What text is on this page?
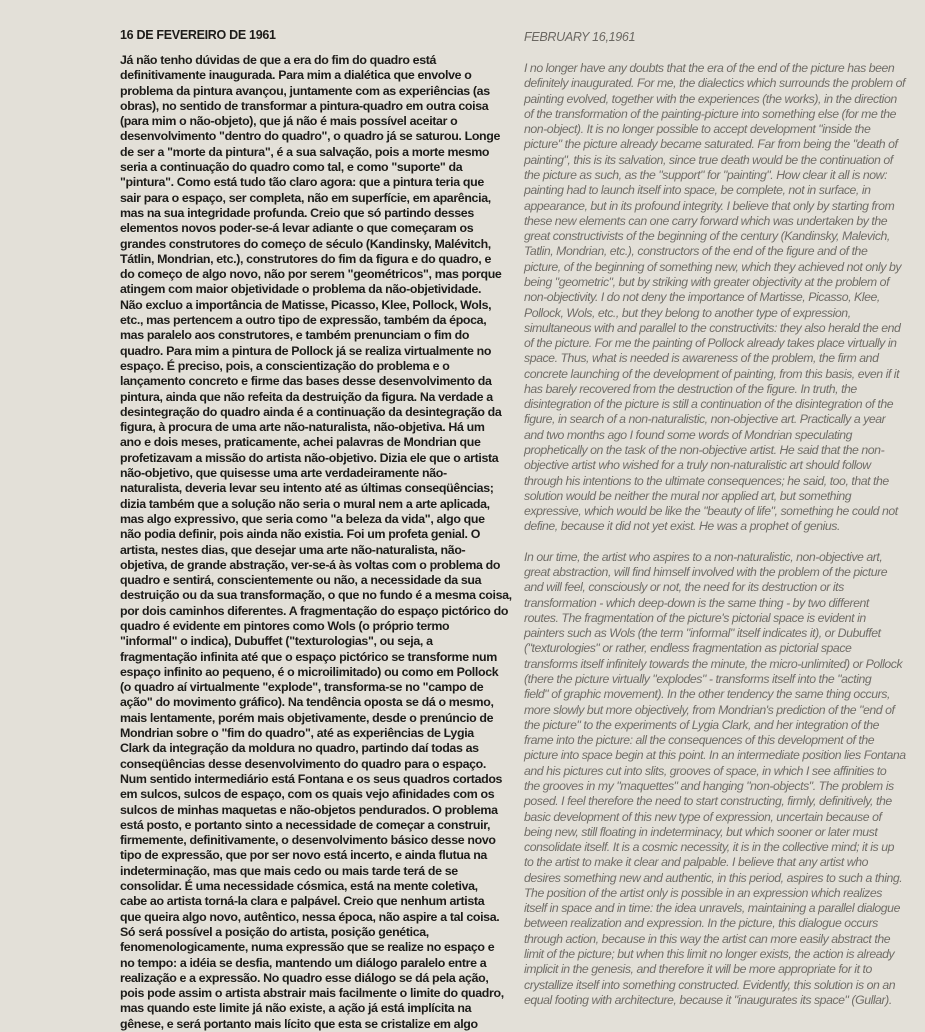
16 DE FEVEREIRO DE 1961
Já não tenho dúvidas de que a era do fim do quadro está
definitivamente inaugurada. Para mim a dialética que envolve o
problema da pintura avançou, juntamente com as experiências (as
obras), no sentido de transformar a pintura-quadro em outra coisa
(para mim o não-objeto), que já não é mais possível aceitar o
desenvolvimento "dentro do quadro", o quadro já se saturou. Longe
de ser a "morte da pintura", é a sua salvação, pois a morte mesmo
seria a continuação do quadro como tal, e como "suporte" da
"pintura". Como está tudo tão claro agora: que a pintura teria que
sair para o espaço, ser completa, não em superfície, em aparência,
mas na sua integridade profunda. Creio que só partindo desses
elementos novos poder-se-á levar adiante o que começaram os
grandes construtores do começo de século (Kandinsky, Malévitch,
Tátlin, Mondrian, etc.), construtores do fim da figura e do quadro, e
do começo de algo novo, não por serem "geométricos", mas porque
atingem com maior objetividade o problema da não-objetividade.
Não excluo a importância de Matisse, Picasso, Klee, Pollock, Wols,
etc., mas pertencem a outro tipo de expressão, também da época,
mas paralelo aos construtores, e também prenunciam o fim do
quadro. Para mim a pintura de Pollock já se realiza virtualmente no
espaço. É preciso, pois, a conscientização do problema e o
lançamento concreto e firme das bases desse desenvolvimento da
pintura, ainda que não refeita da destruição da figura. Na verdade a
desintegração do quadro ainda é a continuação da desintegração da
figura, à procura de uma arte não-naturalista, não-objetiva. Há um
ano e dois meses, praticamente, achei palavras de Mondrian que
profetizavam a missão do artista não-objetivo. Dizia ele que o artista
não-objetivo, que quisesse uma arte verdadeiramente não-
naturalista, deveria levar seu intento até as últimas conseqüências;
dizia também que a solução não seria o mural nem a arte aplicada,
mas algo expressivo, que seria como "a beleza da vida", algo que
não podia definir, pois ainda não existia. Foi um profeta genial. O
artista, nestes dias, que desejar uma arte não-naturalista, não-
objetiva, de grande abstração, ver-se-á às voltas com o problema do
quadro e sentirá, conscientemente ou não, a necessidade da sua
destruição ou da sua transformação, o que no fundo é a mesma coisa,
por dois caminhos diferentes. A fragmentação do espaço pictórico do
quadro é evidente em pintores como Wols (o próprio termo
"informal" o indica), Dubuffet ("texturologias", ou seja, a
fragmentação infinita até que o espaço pictórico se transforme num
espaço infinito ao pequeno, é o microilimitado) ou como em Pollock
(o quadro aí virtualmente "explode", transforma-se no "campo de
ação" do movimento gráfico). Na tendência oposta se dá o mesmo,
mais lentamente, porém mais objetivamente, desde o prenúncio de
Mondrian sobre o "fim do quadro", até as experiências de Lygia
Clark da integração da moldura no quadro, partindo daí todas as
conseqüências desse desenvolvimento do quadro para o espaço.
Num sentido intermediário está Fontana e os seus quadros cortados
em sulcos, sulcos de espaço, com os quais vejo afinidades com os
sulcos de minhas maquetas e não-objetos pendurados. O problema
está posto, e portanto sinto a necessidade de começar a construir,
firmemente, definitivamente, o desenvolvimento básico desse novo
tipo de expressão, que por ser novo está incerto, e ainda flutua na
indeterminação, mas que mais cedo ou mais tarde terá de se
consolidar. É uma necessidade cósmica, está na mente coletiva,
cabe ao artista torná-la clara e palpável. Creio que nenhum artista
que queira algo novo, autêntico, nessa época, não aspire a tal coisa.
Só será possível a posição do artista, posição genética,
fenomenologicamente, numa expressão que se realize no espaço e
no tempo: a idéia se desfia, mantendo um diálogo paralelo entre a
realização e a expressão. No quadro esse diálogo se dá pela ação,
pois pode assim o artista abstrair mais facilmente o limite do quadro,
mas quando este limite já não existe, a ação já está implícita na
gênese, e será portanto mais lícito que esta se cristalize em algo
FEBRUARY 16,1961

I no longer have any doubts that the era of the end of the picture has been
definitely inaugurated. For me, the dialectics which surrounds the problem of
painting evolved, together with the experiences (the works), in the direction
of the transformation of the painting-picture into something else (for me the
non-object). It is no longer possible to accept development "inside the
picture" the picture already became saturated. Far from being the "death of
painting", this is its salvation, since true death would be the continuation of
the picture as such, as the "support" for "painting". How clear it all is now:
painting had to launch itself into space, be complete, not in surface, in
appearance, but in its profound integrity. I believe that only by starting from
these new elements can one carry forward which was undertaken by the
great constructivists of the beginning of the century (Kandinsky, Malevich,
Tatlin, Mondrian, etc.), constructors of the end of the figure and of the
picture, of the beginning of something new, which they achieved not only by
being "geometric", but by striking with greater objectivity at the problem of
non-objectivity. I do not deny the importance of Martisse, Picasso, Klee,
Pollock, Wols, etc., but they belong to another type of expression,
simultaneous with and parallel to the constructivits: they also herald the end
of the picture. For me the painting of Pollock already takes place virtually in
space. Thus, what is needed is awareness of the problem, the firm and
concrete launching of the development of painting, from this basis, even if it
has barely recovered from the destruction of the figure. In truth, the
disintegration of the picture is still a continuation of the disintegration of the
figure, in search of a non-naturalistic, non-objective art. Practically a year
and two months ago I found some words of Mondrian speculating
prophetically on the task of the non-objective artist. He said that the non-
objective artist who wished for a truly non-naturalistic art should follow
through his intentions to the ultimate consequences; he said, too, that the
solution would be neither the mural nor applied art, but something
expressive, which would be like the "beauty of life", something he could not
define, because it did not yet exist. He was a prophet of genius.

In our time, the artist who aspires to a non-naturalistic, non-objective art,
great abstraction, will find himself involved with the problem of the picture
and will feel, consciously or not, the need for its destruction or its
transformation - which deep-down is the same thing - by two different
routes. The fragmentation of the picture's pictorial space is evident in
painters such as Wols (the term "informal" itself indicates it), or Dubuffet
("texturologies" or rather, endless fragmentation as pictorial space
transforms itself infinitely towards the minute, the micro-unlimited) or Pollock
(there the picture virtually "explodes" - transforms itself into the "acting
field" of graphic movement). In the other tendency the same thing occurs,
more slowly but more objectively, from Mondrian's prediction of the "end of
the picture" to the experiments of Lygia Clark, and her integration of the
frame into the picture: all the consequences of this development of the
picture into space begin at this point. In an intermediate position lies Fontana
and his pictures cut into slits, grooves of space, in which I see affinities to
the grooves in my "maquettes" and hanging "non-objects". The problem is
posed. I feel therefore the need to start constructing, firmly, definitively, the
basic development of this new type of expression, uncertain because of
being new, still floating in indeterminacy, but which sooner or later must
consolidate itself. It is a cosmic necessity, it is in the collective mind; it is up
to the artist to make it clear and palpable. I believe that any artist who
desires something new and authentic, in this period, aspires to such a thing.
The position of the artist only is possible in an expression which realizes
itself in space and in time: the idea unravels, maintaining a parallel dialogue
between realization and expression. In the picture, this dialogue occurs
through action, because in this way the artist can more easily abstract the
limit of the picture; but when this limit no longer exists, the action is already
implicit in the genesis, and therefore it will be more appropriate for it to
crystallize itself into something constructed. Evidently, this solution is on an
equal footing with architecture, because it "inaugurates its space" (Gullar).
